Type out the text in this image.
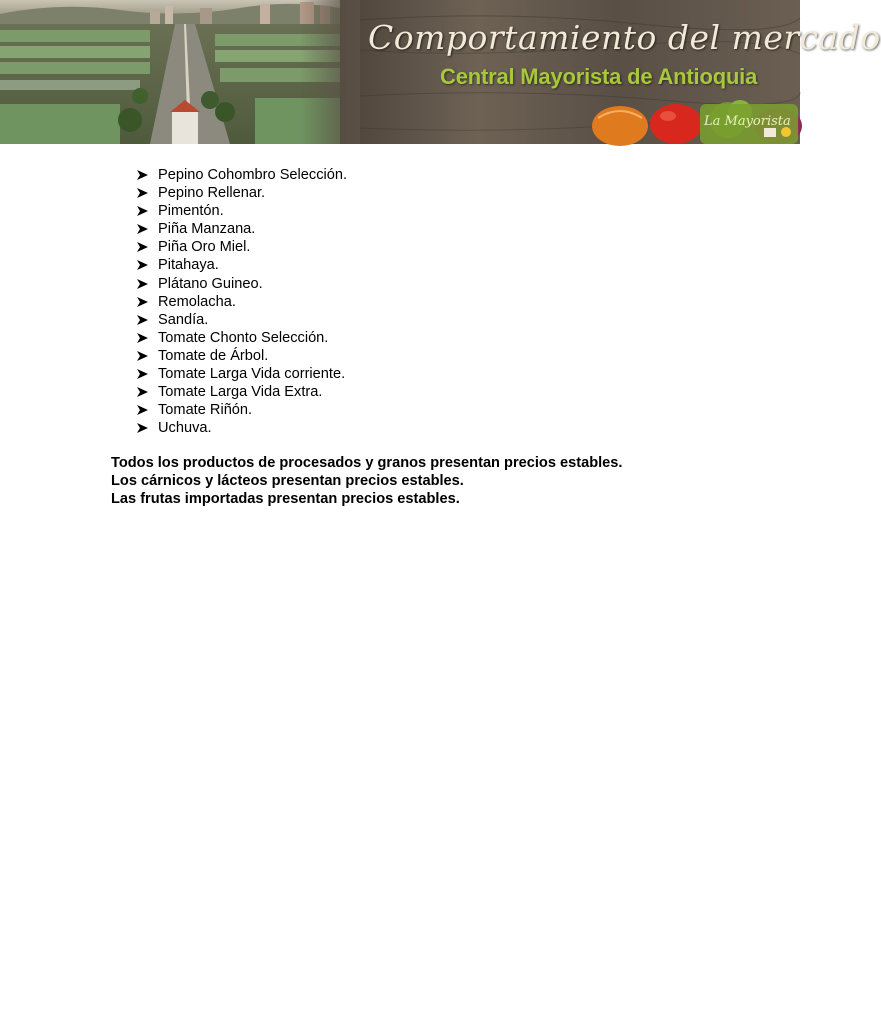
Comportamiento del mercado
Central Mayorista de Antioquia
La Mayorista
Pepino Cohombro Selección.
Pepino Rellenar.
Pimentón.
Piña Manzana.
Piña Oro Miel.
Pitahaya.
Plátano Guineo.
Remolacha.
Sandía.
Tomate Chonto Selección.
Tomate de Árbol.
Tomate Larga Vida corriente.
Tomate Larga Vida Extra.
Tomate Riñón.
Uchuva.
Todos los productos de procesados y granos presentan precios estables.
Los cárnicos y lácteos presentan precios estables.
Las frutas importadas presentan precios estables.
